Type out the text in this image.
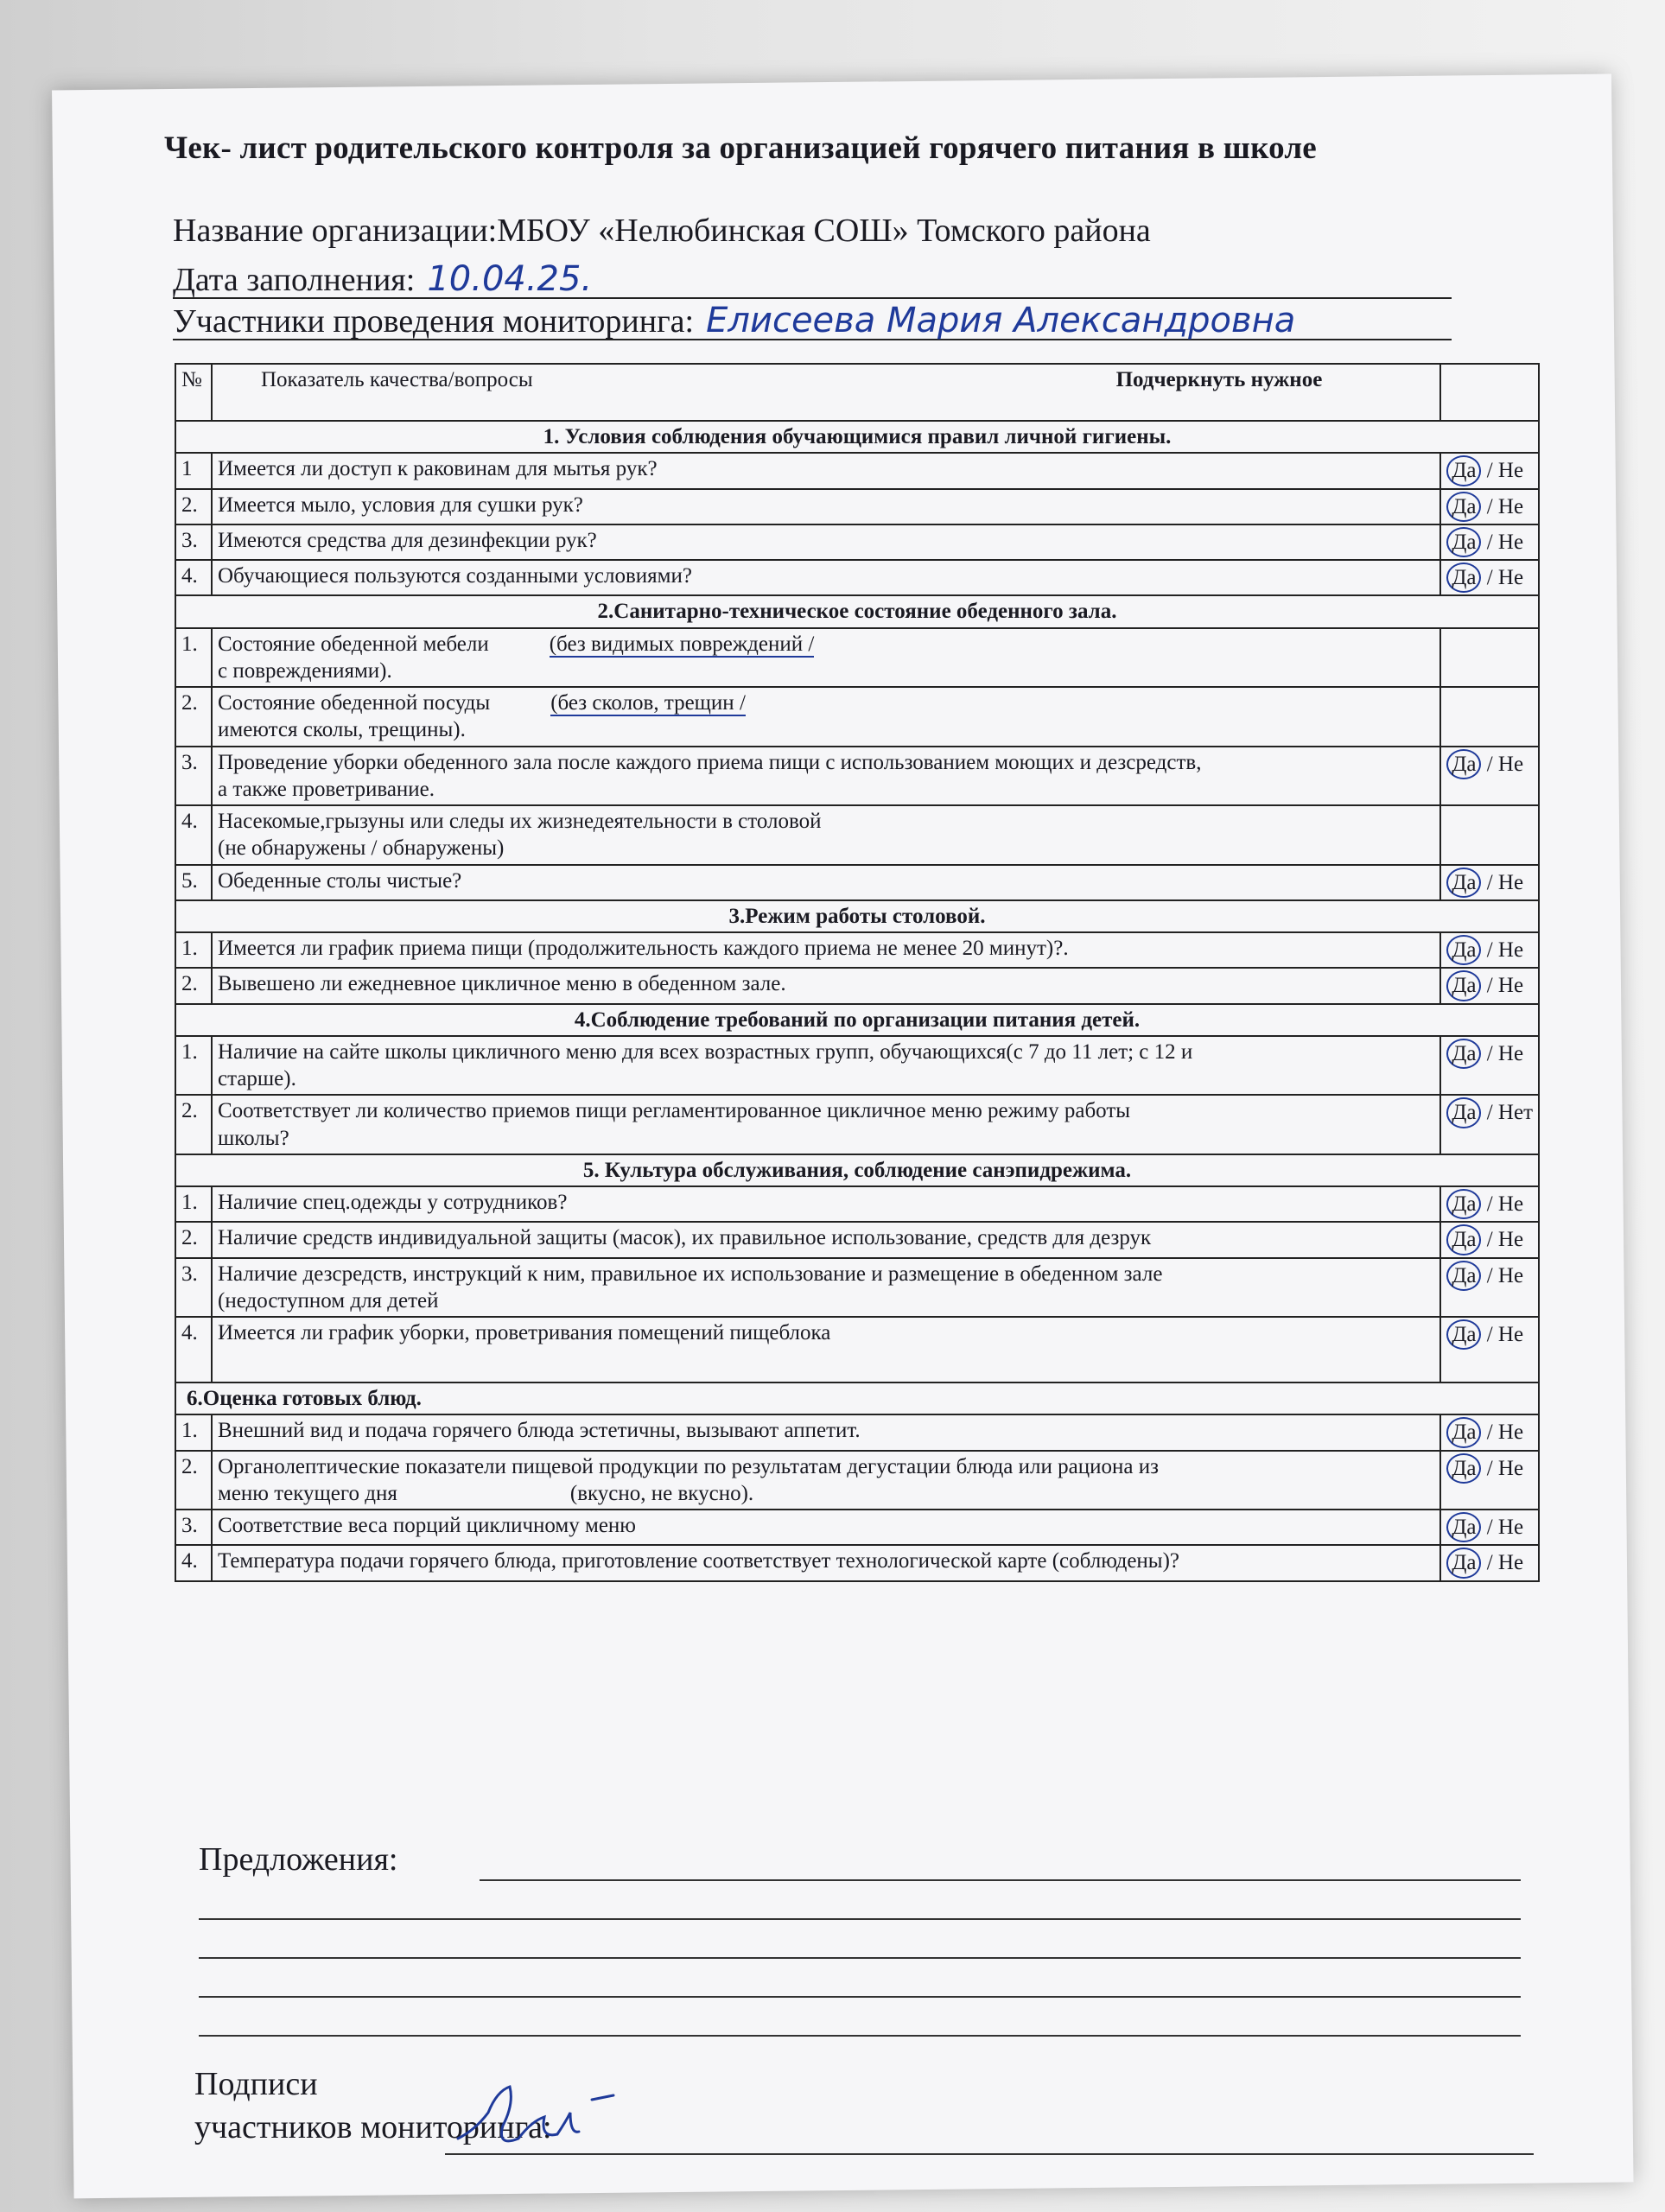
Чек- лист родительского контроля за организацией горячего питания в школе
Название организации:МБОУ «Нелюбинская СОШ» Томского района
Дата заполнения: 10.04.25.
Участники проведения мониторинга: Елисеева Мария Александровна
№	Показатель качества/вопросы Подчеркнуть нужное	

1. Условия соблюдения обучающимися правил личной гигиены.		
1	Имеется ли доступ к раковинам для мытья рук?	Да / Не
2.	Имеется мыло, условия для сушки рук?	Да / Не
3.	Имеются средства для дезинфекции рук?	Да / Не
4.	Обучающиеся пользуются созданными условиями?	Да / Не
2.Санитарно-техническое состояние обеденного зала.		
1.	Состояние обеденной мебели (без видимых повреждений /
с повреждениями).	
2.	Состояние обеденной посуды (без сколов, трещин /
имеются сколы, трещины).	
3.	Проведение уборки обеденного зала после каждого приема пищи с использованием моющих и дезсредств,
а также проветривание.	Да / Не
4.	Насекомые,грызуны или следы их жизнедеятельности в столовой
(не обнаружены / обнаружены)	
5.	Обеденные столы чистые?	Да / Не
3.Режим работы столовой.		
1.	Имеется ли график приема пищи (продолжительность каждого приема не менее 20 минут)?.	Да / Не
2.	Вывешено ли ежедневное цикличное меню в обеденном зале.	Да / Не
4.Соблюдение требований по организации питания детей.		
1.	Наличие на сайте школы цикличного меню для всех возрастных групп, обучающихся(с 7 до 11 лет; с 12 и
старше).	Да / Не
2.	Соответствует ли количество приемов пищи регламентированное цикличное меню режиму работы
школы?	Да / Нет
5. Культура обслуживания, соблюдение санэпидрежима.		
1.	Наличие спец.одежды у сотрудников?	Да / Не
2.	Наличие средств индивидуальной защиты (масок), их правильное использование, средств для дезрук	Да / Не
3.	Наличие дезсредств, инструкций к ним, правильное их использование и размещение в обеденном зале
(недоступном для детей	Да / Не
4.	Имеется ли график уборки, проветривания помещений пищеблока	Да / Не
6.Оценка готовых блюд.		
1.	Внешний вид и подача горячего блюда эстетичны, вызывают аппетит.	Да / Не
2.	Органолептические показатели пищевой продукции по результатам дегустации блюда или рациона из
меню текущего дня (вкусно, не вкусно).	Да / Не
3.	Соответствие веса порций цикличному меню	Да / Не
4.	Температура подачи горячего блюда, приготовление соответствует технологической карте (соблюдены)?	Да / Не
Предложения:
Подписи
участников мониторинга:
